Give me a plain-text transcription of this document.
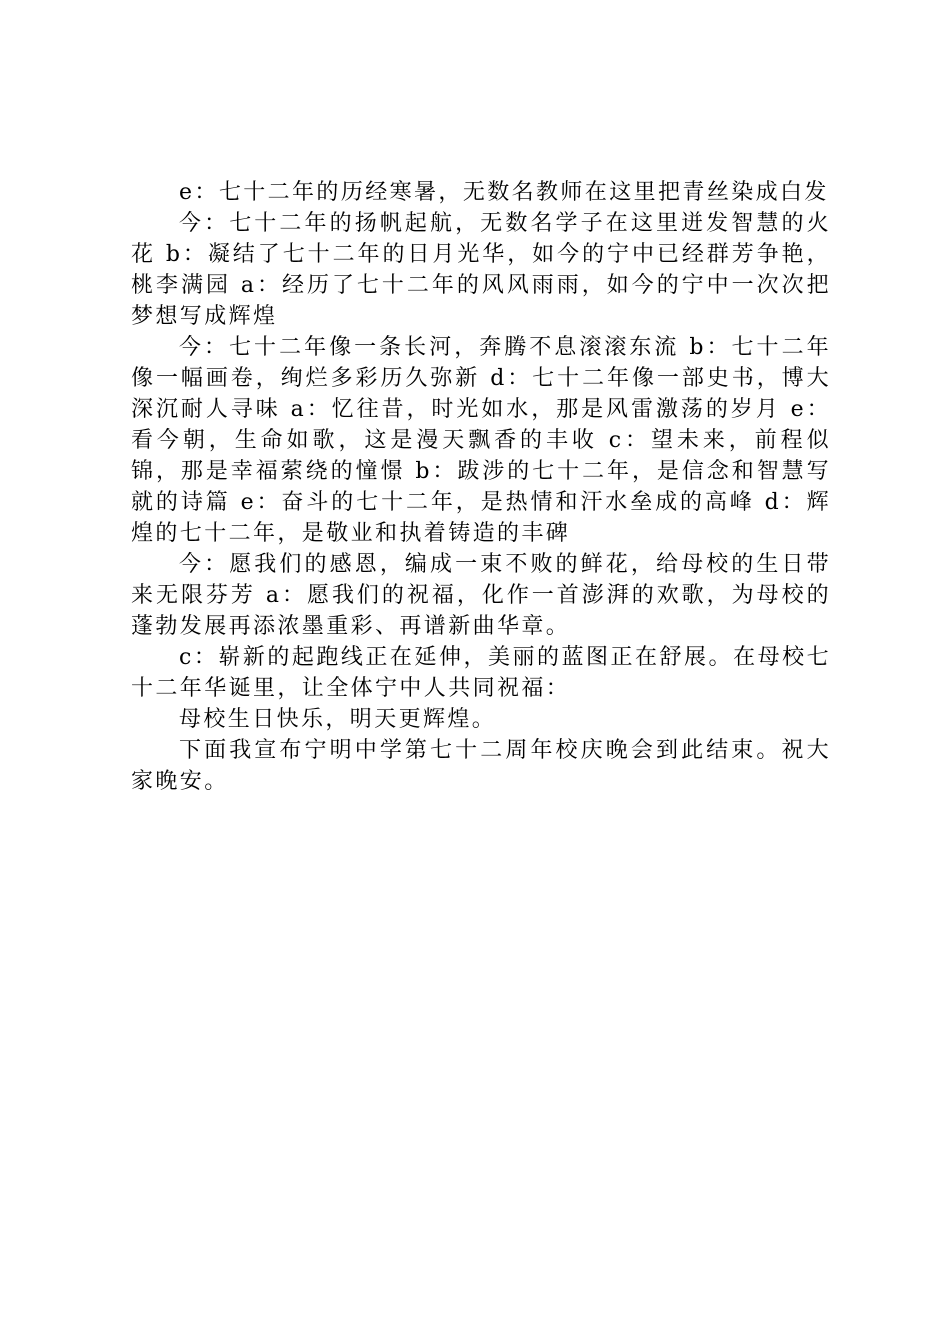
e：七十二年的历经寒暑，无数名教师在这里把青丝染成白发

今：七十二年的扬帆起航，无数名学子在这里迸发智慧的火花 b：凝结了七十二年的日月光华，如今的宁中已经群芳争艳，桃李满园 a：经历了七十二年的风风雨雨，如今的宁中一次次把梦想写成辉煌

今：七十二年像一条长河，奔腾不息滚滚东流 b：七十二年像一幅画卷，绚烂多彩历久弥新 d：七十二年像一部史书，博大深沉耐人寻味 a：忆往昔，时光如水，那是风雷激荡的岁月 e：看今朝，生命如歌，这是漫天飘香的丰收 c：望未来，前程似锦，那是幸福萦绕的憧憬 b：跋涉的七十二年，是信念和智慧写就的诗篇 e：奋斗的七十二年，是热情和汗水垒成的高峰 d：辉煌的七十二年，是敬业和执着铸造的丰碑

今：愿我们的感恩，编成一束不败的鲜花，给母校的生日带来无限芬芳 a：愿我们的祝福，化作一首澎湃的欢歌，为母校的蓬勃发展再添浓墨重彩、再谱新曲华章。

c：崭新的起跑线正在延伸，美丽的蓝图正在舒展。在母校七十二年华诞里，让全体宁中人共同祝福：

母校生日快乐，明天更辉煌。

下面我宣布宁明中学第七十二周年校庆晚会到此结束。祝大家晚安。
